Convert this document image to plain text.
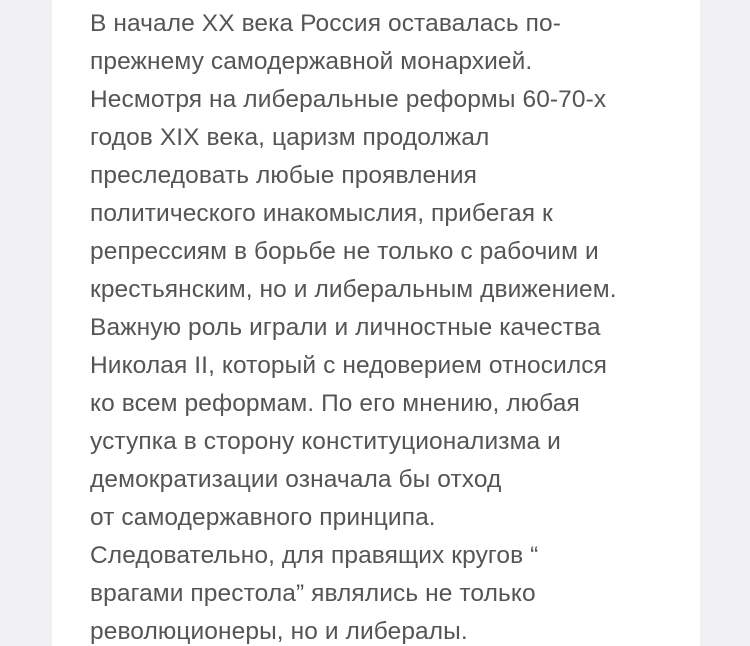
В начале ХХ века Россия оставалась по-
прежнему самодержавной монархией.
Несмотря на либеральные реформы 60-70-х
годов XIX века, царизм продолжал
преследовать любые проявления
политического инакомыслия, прибегая к
репрессиям в борьбе не только с рабочим и
крестьянским, но и либеральным движением.
Важную роль играли и личностные качества
Николая II, который с недоверием относился
ко всем реформам. По его мнению, любая
уступка в сторону конституционализма и
демократизации означала бы отход
от самодержавного принципа.
Следовательно, для правящих кругов “
врагами престола” являлись не только
революционеры, но и либералы.
